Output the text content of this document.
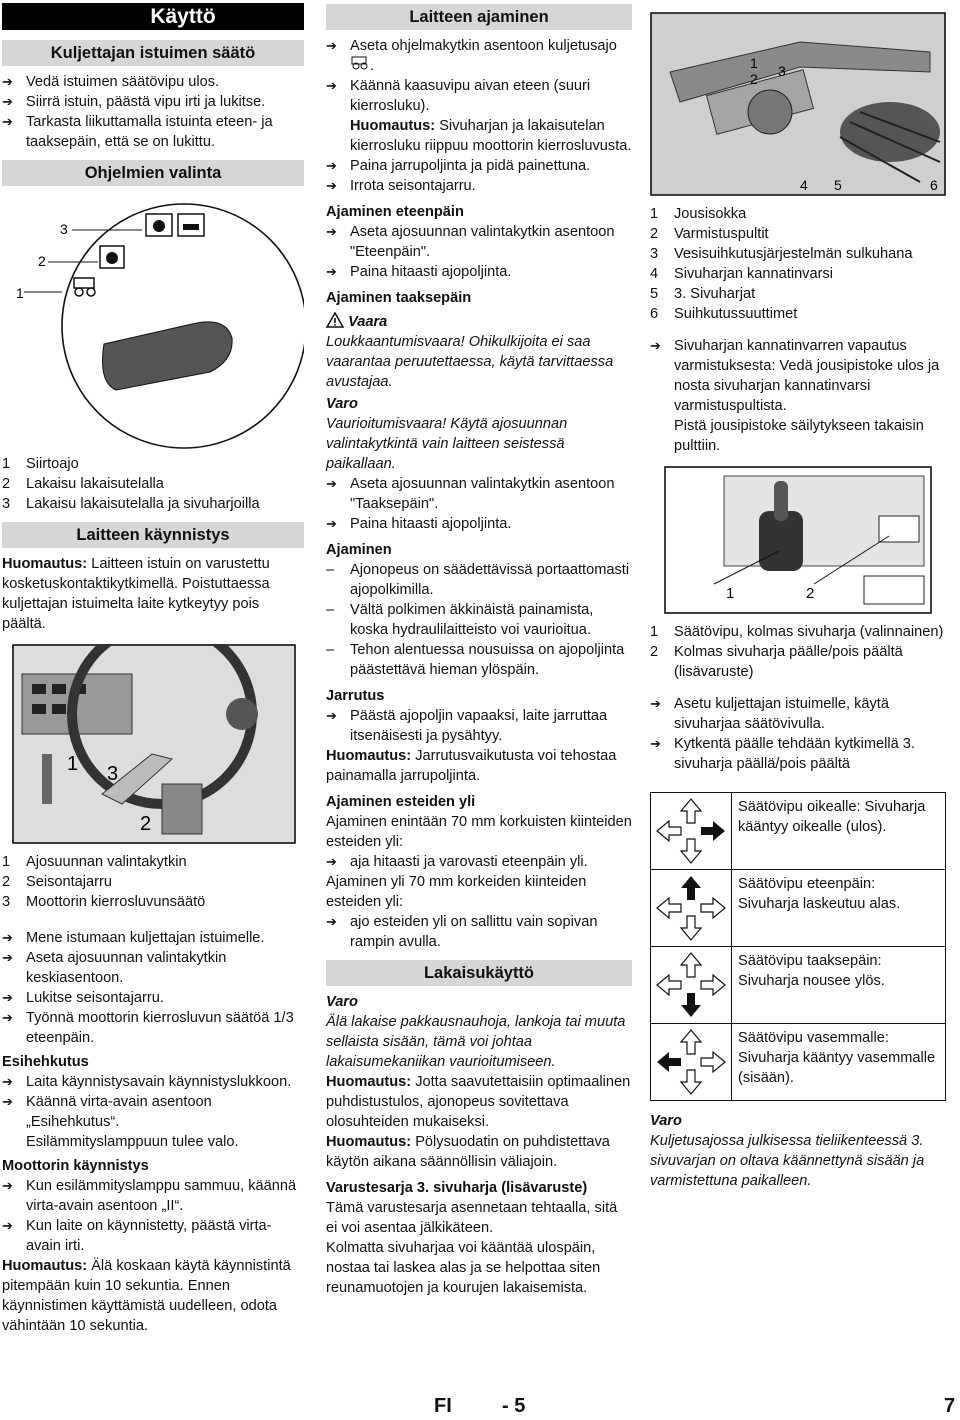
Käyttö
Kuljettajan istuimen säätö
➔ Vedä istuimen säätövipu ulos.
➔ Siirrä istuin, päästä vipu irti ja lukitse.
➔ Tarkasta liikuttamalla istuinta eteen- ja taaksepäin, että se on lukittu.
Ohjelmien valinta
1
2
3
1	Siirtoajo
2	Lakaisu lakaisutelalla
3	Lakaisu lakaisutelalla ja sivuharjoilla
Laitteen käynnistys

Huomautus: Laitteen istuin on varustettu kosketuskontaktikytkimellä. Poistuttaessa kuljettajan istuimelta laite kytkeytyy pois päältä.

1 3
2
1	Ajosuunnan valintakytkin
2	Seisontajarru
3	Moottorin kierrosluvunsäätö
➔ Mene istumaan kuljettajan istuimelle.
➔ Aseta ajosuunnan valintakytkin keskiasentoon.
➔ Lukitse seisontajarru.
➔ Työnnä moottorin kierrosluvun säätöä 1/3 eteenpäin.

Esihehkutus

➔ Laita käynnistysavain käynnistyslukkoon.
➔ Käännä virta-avain asentoon „Esihehkutus“.

Esilämmityslamppuun tulee valo.

Moottorin käynnistys

➔ Kun esilämmityslamppu sammuu, käännä virta-avain asentoon „II“.
➔ Kun laite on käynnistetty, päästä virta-avain irti.

Huomautus: Älä koskaan käytä käynnistintä pitempään kuin 10 sekuntia. Ennen käynnistimen käyttämistä uudelleen, odota vähintään 10 sekuntia.

Laitteen ajaminen
➔ Aseta ohjelmakytkin asentoon kuljetusajo .
➔ Käännä kaasuvipu aivan eteen (suuri kierrosluku).

Huomautus: Sivuharjan ja lakaisutelan kierrosluku riippuu moottorin kierrosluvusta.

➔ Paina jarrupoljinta ja pidä painettuna.
➔ Irrota seisontajarru.

Ajaminen eteenpäin

➔ Aseta ajosuunnan valintakytkin asentoon "Eteenpäin".
➔ Paina hitaasti ajopoljinta.

Ajaminen taaksepäin

Vaara

Loukkaantumisvaara! Ohikulkijoita ei saa vaarantaa peruutettaessa, käytä tarvittaessa avustajaa.

Varo

Vaurioitumisvaara! Käytä ajosuunnan valintakytkintä vain laitteen seistessä paikallaan.

➔ Aseta ajosuunnan valintakytkin asentoon "Taaksepäin".
➔ Paina hitaasti ajopoljinta.

Ajaminen

–	Ajonopeus on säädettävissä portaattomasti ajopolkimilla.
–	Vältä polkimen äkkinäistä painamista, koska hydraulilaitteisto voi vaurioitua.
–	Tehon alentuessa nousuissa on ajopoljinta päästettävä hieman ylöspäin.

Jarrutus

➔ Päästä ajopoljin vapaaksi, laite jarruttaa itsenäisesti ja pysähtyy.

Huomautus: Jarrutusvaikutusta voi tehostaa painamalla jarrupoljinta.

Ajaminen esteiden yli

Ajaminen enintään 70 mm korkuisten kiinteiden esteiden yli:

➔ aja hitaasti ja varovasti eteenpäin yli.

Ajaminen yli 70 mm korkeiden kiinteiden esteiden yli:

➔ ajo esteiden yli on sallittu vain sopivan rampin avulla.
Lakaisukäyttö

Varo

Älä lakaise pakkausnauhoja, lankoja tai muuta sellaista sisään, tämä voi johtaa lakaisumekaniikan vaurioitumiseen.

Huomautus: Jotta saavutettaisiin optimaalinen puhdistustulos, ajonopeus sovitettava olosuhteiden mukaiseksi.

Huomautus: Pölysuodatin on puhdistettava käytön aikana säännöllisin väliajoin.

Varustesarja 3. sivuharja (lisävaruste)

Tämä varustesarja asennetaan tehtaalla, sitä ei voi asentaa jälkikäteen.

Kolmatta sivuharjaa voi kääntää ulospäin, nostaa tai laskea alas ja se helpottaa siten reunamuotojen ja kourujen lakaisemista.

1
2 3
4 5	6
1	Jousisokka
2	Varmistuspultit
3	Vesisuihkutusjärjestelmän sulkuhana
4	Sivuharjan kannatinvarsi
5	3. Sivuharjat
6	Suihkutussuuttimet
➔ Sivuharjan kannatinvarren vapautus varmistuksesta: Vedä jousipistoke ulos ja nosta sivuharjan kannatinvarsi varmistuspultista.

Pistä jousipistoke säilytykseen takaisin pulttiin.

1	2
1	Säätövipu, kolmas sivuharja (valinnainen)
2	Kolmas sivuharja päälle/pois päältä (lisävaruste)
➔ Asetu kuljettajan istuimelle, käytä sivuharjaa säätövivulla.
➔ Kytkentä päälle tehdään kytkimellä 3. sivuharja päällä/pois päältä
Säätövipu oikealle: Sivuharja kääntyy oikealle (ulos).
Säätövipu eteenpäin: Sivuharja laskeutuu alas.
Säätövipu taaksepäin: Sivuharja nousee ylös.
Säätövipu vasemmalle: Sivuharja kääntyy vasemmalle (sisään).

Varo

Kuljetusajossa julkisessa tieliikenteessä 3. sivuvarjan on oltava käännettynä sisään ja varmistettuna paikalleen.

FI	- 5	7
